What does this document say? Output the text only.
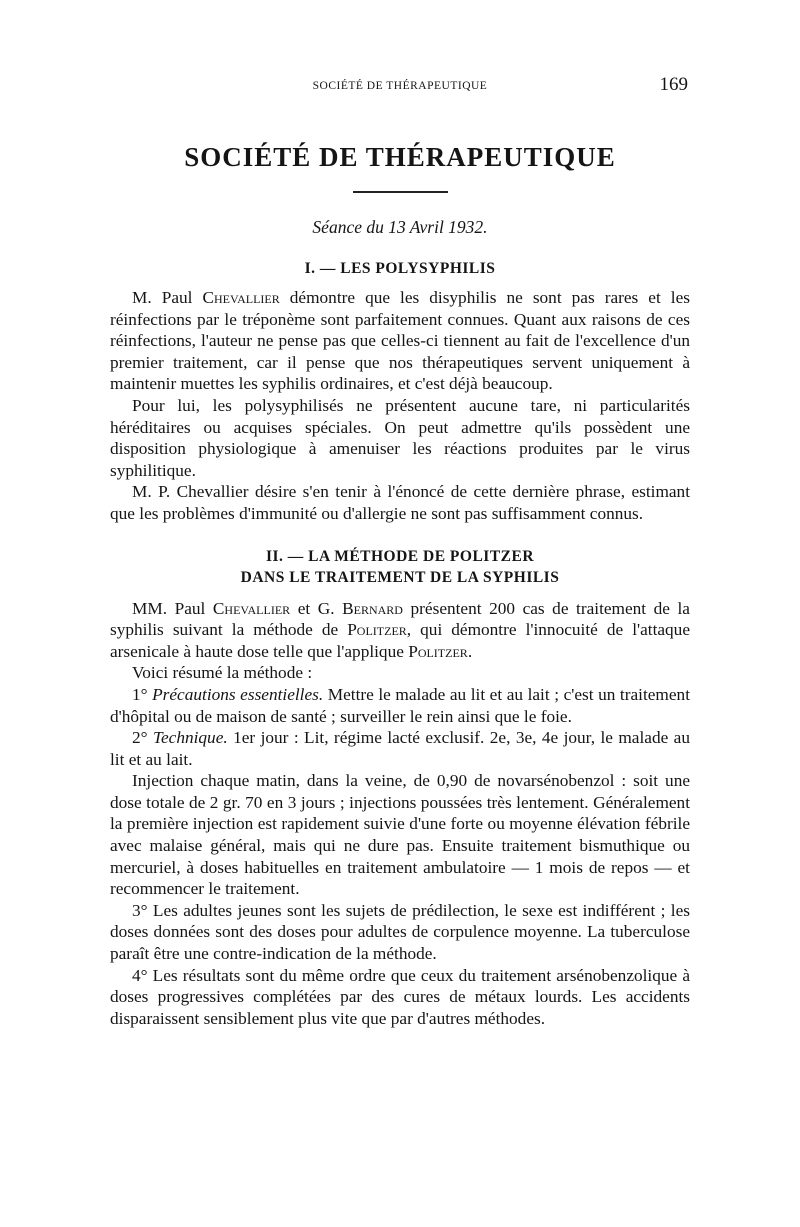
SOCIÉTÉ DE THÉRAPEUTIQUE	169
SOCIÉTÉ DE THÉRAPEUTIQUE
Séance du 13 Avril 1932.
I. — LES POLYSYPHILIS

M. Paul Chevallier démontre que les disyphilis ne sont pas rares et les réinfections par le tréponème sont parfaitement connues. Quant aux raisons de ces réinfections, l'auteur ne pense pas que celles-ci tiennent au fait de l'excellence d'un premier traitement, car il pense que nos thérapeutiques servent uniquement à maintenir muettes les syphilis ordinaires, et c'est déjà beaucoup.

Pour lui, les polysyphilisés ne présentent aucune tare, ni particularités héréditaires ou acquises spéciales. On peut admettre qu'ils possèdent une disposition physiologique à amenuiser les réactions produites par le virus syphilitique.

M. P. Chevallier désire s'en tenir à l'énoncé de cette dernière phrase, estimant que les problèmes d'immunité ou d'allergie ne sont pas suffisamment connus.

II. — LA MÉTHODE DE POLITZER
DANS LE TRAITEMENT DE LA SYPHILIS

MM. Paul Chevallier et G. Bernard présentent 200 cas de traitement de la syphilis suivant la méthode de Politzer, qui démontre l'innocuité de l'attaque arsenicale à haute dose telle que l'applique Politzer.

Voici résumé la méthode :

1° Précautions essentielles. Mettre le malade au lit et au lait ; c'est un traitement d'hôpital ou de maison de santé ; surveiller le rein ainsi que le foie.

2° Technique. 1er jour : Lit, régime lacté exclusif. 2e, 3e, 4e jour, le malade au lit et au lait.

Injection chaque matin, dans la veine, de 0,90 de novarsénobenzol : soit une dose totale de 2 gr. 70 en 3 jours ; injections poussées très lentement. Généralement la première injection est rapidement suivie d'une forte ou moyenne élévation fébrile avec malaise général, mais qui ne dure pas. Ensuite traitement bismuthique ou mercuriel, à doses habituelles en traitement ambulatoire — 1 mois de repos — et recommencer le traitement.

3° Les adultes jeunes sont les sujets de prédilection, le sexe est indifférent ; les doses données sont des doses pour adultes de corpulence moyenne. La tuberculose paraît être une contre-indication de la méthode.

4° Les résultats sont du même ordre que ceux du traitement arsénobenzolique à doses progressives complétées par des cures de métaux lourds. Les accidents disparaissent sensiblement plus vite que par d'autres méthodes.
